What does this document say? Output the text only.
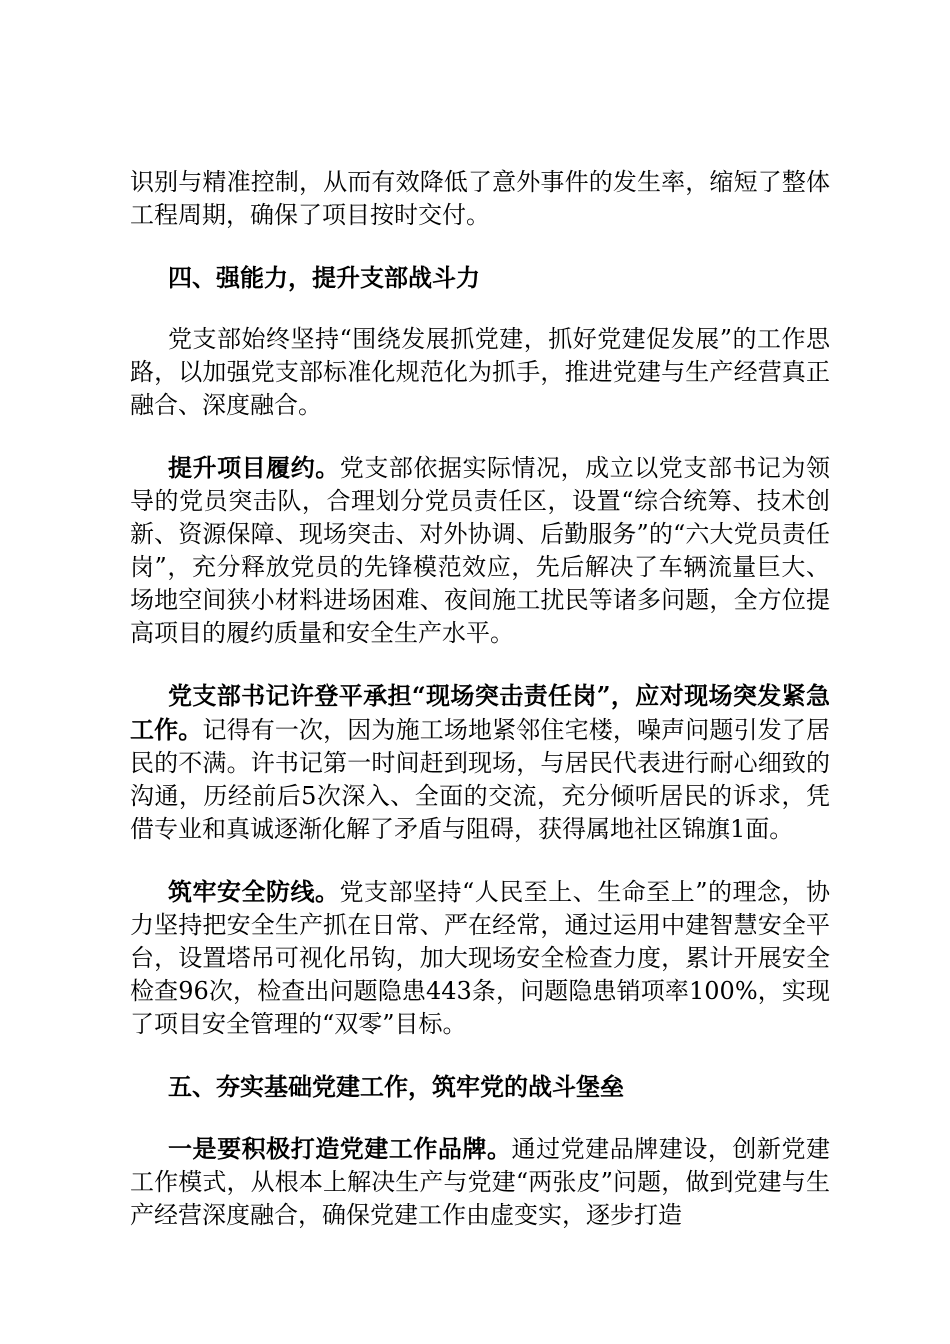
识别与精准控制，从而有效降低了意外事件的发生率，缩短了整体工程周期，确保了项目按时交付。

四、强能力，提升支部战斗力

党支部始终坚持“围绕发展抓党建，抓好党建促发展”的工作思路，以加强党支部标准化规范化为抓手，推进党建与生产经营真正融合、深度融合。

提升项目履约。党支部依据实际情况，成立以党支部书记为领导的党员突击队，合理划分党员责任区，设置“综合统筹、技术创新、资源保障、现场突击、对外协调、后勤服务”的“六大党员责任岗”，充分释放党员的先锋模范效应，先后解决了车辆流量巨大、场地空间狭小材料进场困难、夜间施工扰民等诸多问题，全方位提高项目的履约质量和安全生产水平。

党支部书记许登平承担“现场突击责任岗”，应对现场突发紧急工作。记得有一次，因为施工场地紧邻住宅楼，噪声问题引发了居民的不满。许书记第一时间赶到现场，与居民代表进行耐心细致的沟通，历经前后5次深入、全面的交流，充分倾听居民的诉求，凭借专业和真诚逐渐化解了矛盾与阻碍，获得属地社区锦旗1面。

筑牢安全防线。党支部坚持“人民至上、生命至上”的理念，协力坚持把安全生产抓在日常、严在经常，通过运用中建智慧安全平台，设置塔吊可视化吊钩，加大现场安全检查力度，累计开展安全检查96次，检查出问题隐患443条，问题隐患销项率100%，实现了项目安全管理的“双零”目标。

五、夯实基础党建工作，筑牢党的战斗堡垒

一是要积极打造党建工作品牌。通过党建品牌建设，创新党建工作模式，从根本上解决生产与党建“两张皮”问题，做到党建与生产经营深度融合，确保党建工作由虚变实，逐步打造
